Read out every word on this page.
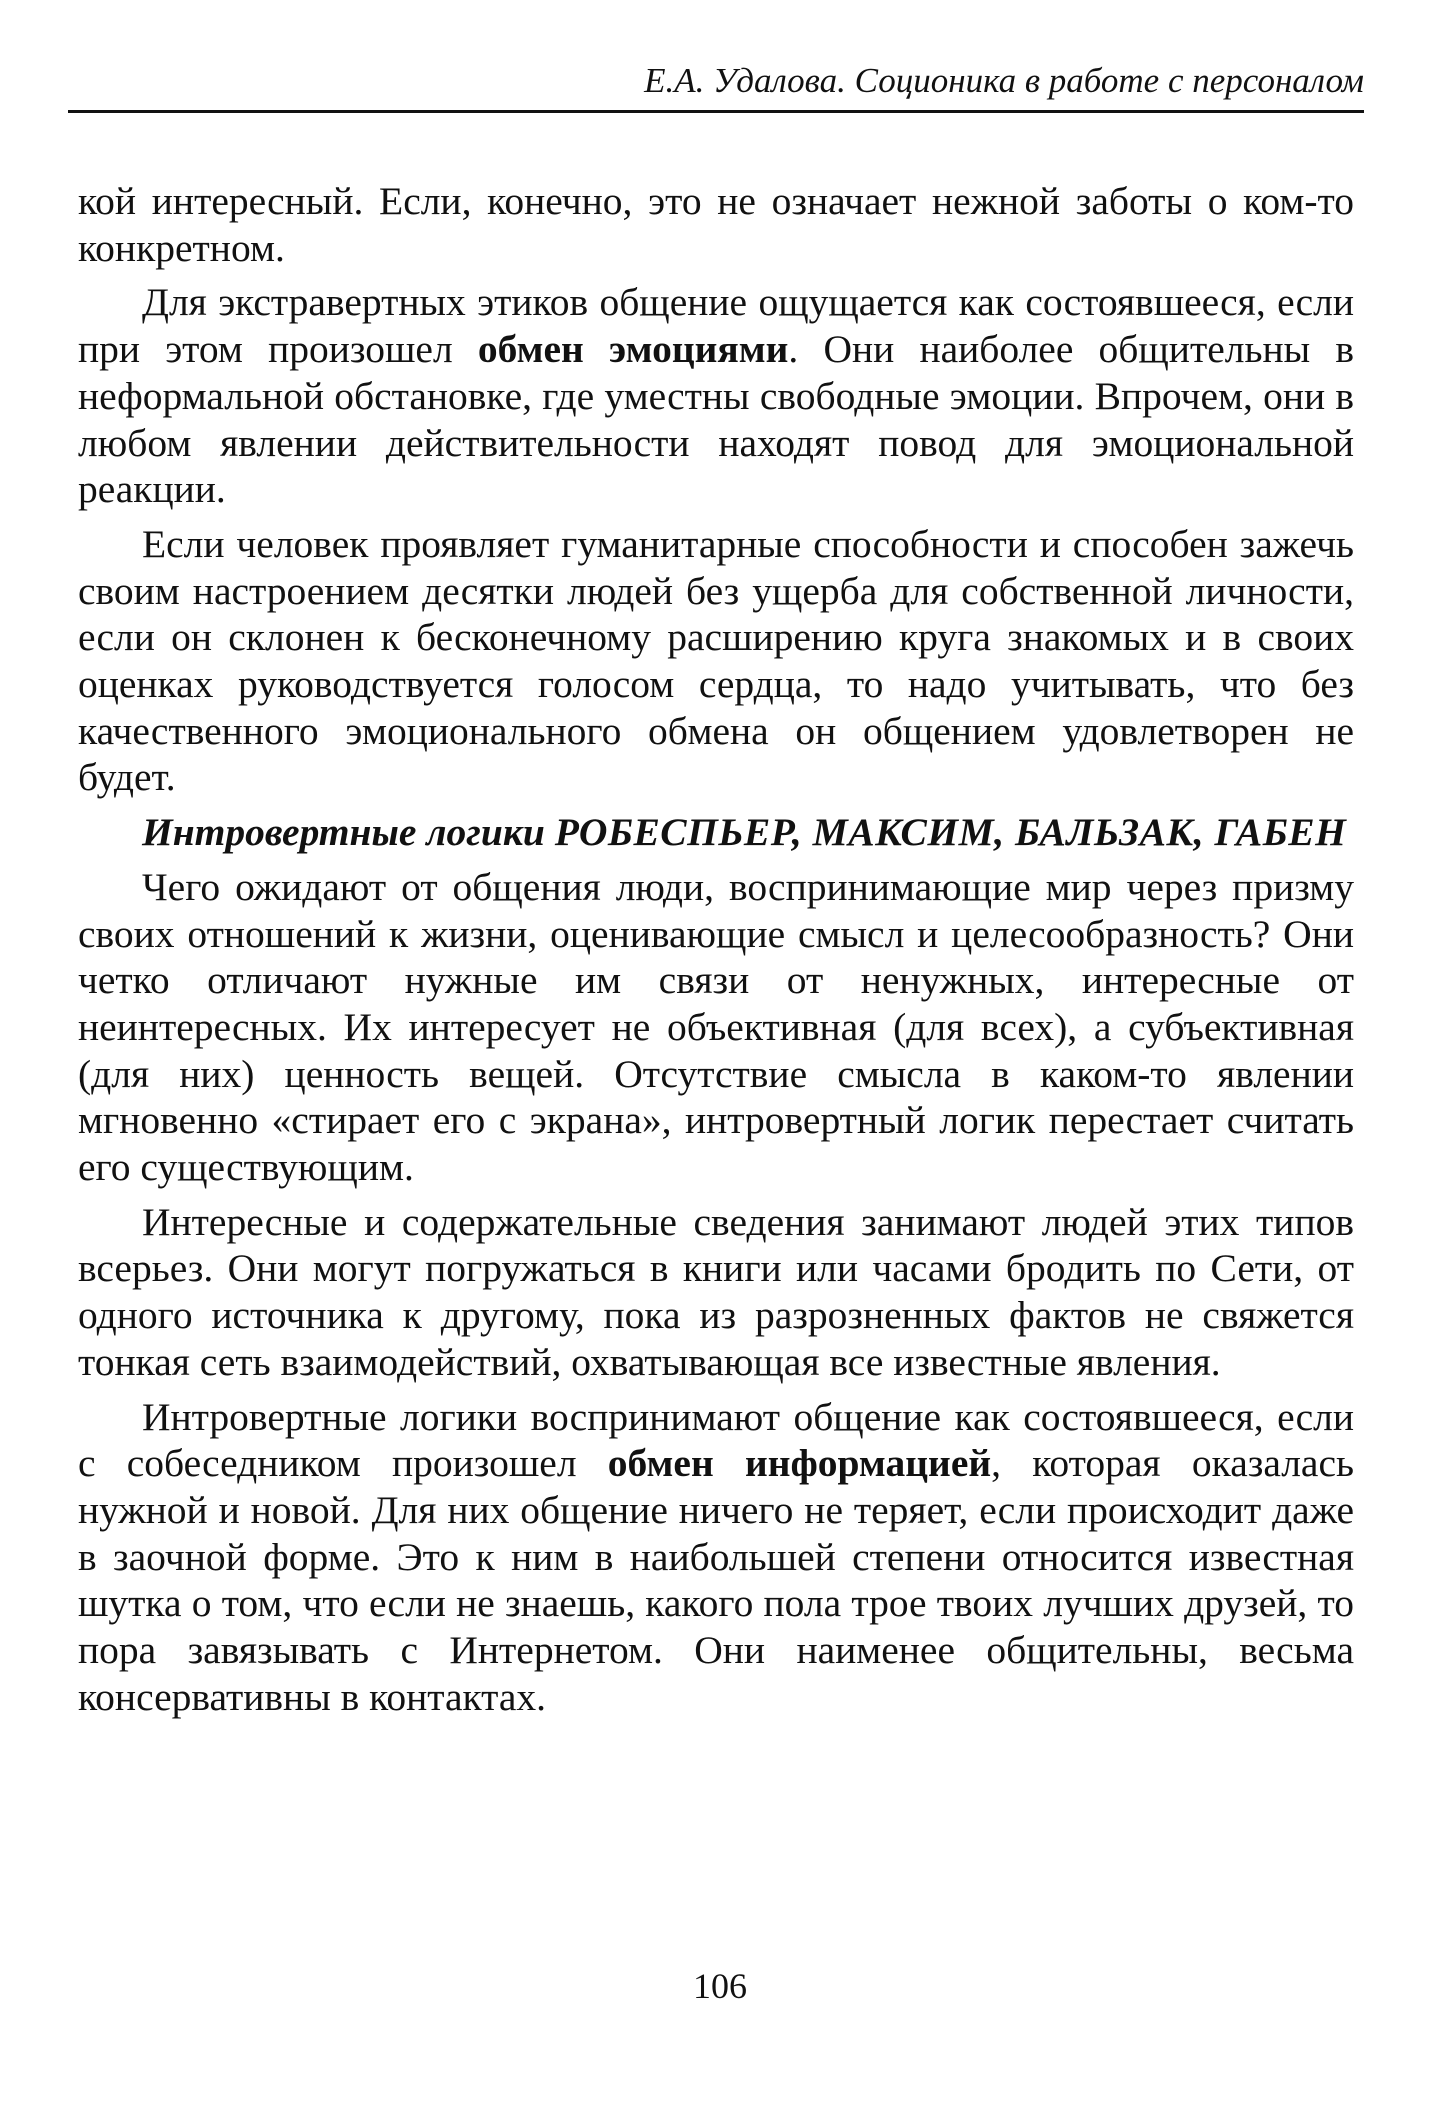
Е.А. Удалова. Соционика в работе с персоналом

кой интересный. Если, конечно, это не означает нежной заботы о ком-то конкретном.

Для экстравертных этиков общение ощущается как состоявшееся, если при этом произошел обмен эмоциями. Они наиболее общительны в неформальной обстановке, где уместны свободные эмоции. Впрочем, они в любом явлении действительности находят повод для эмоциональной реакции.

Если человек проявляет гуманитарные способности и способен зажечь своим настроением десятки людей без ущерба для собственной личности, если он склонен к бесконечному расширению круга знакомых и в своих оценках руководствуется голосом сердца, то надо учитывать, что без качественного эмоционального обмена он общением удовлетворен не будет.

Интровертные логики РОБЕСПЬЕР, МАКСИМ, БАЛЬЗАК, ГАБЕН

Чего ожидают от общения люди, воспринимающие мир через призму своих отношений к жизни, оценивающие смысл и целесообразность? Они четко отличают нужные им связи от ненужных, интересные от неинтересных. Их интересует не объективная (для всех), а субъективная (для них) ценность вещей. Отсутствие смысла в каком-то явлении мгновенно «стирает его с экрана», интровертный логик перестает считать его существующим.

Интересные и содержательные сведения занимают людей этих типов всерьез. Они могут погружаться в книги или часами бродить по Сети, от одного источника к другому, пока из разрозненных фактов не свяжется тонкая сеть взаимодействий, охватывающая все известные явления.

Интровертные логики воспринимают общение как состоявшееся, если с собеседником произошел обмен информацией, которая оказалась нужной и новой. Для них общение ничего не теряет, если происходит даже в заочной форме. Это к ним в наибольшей степени относится известная шутка о том, что если не знаешь, какого пола трое твоих лучших друзей, то пора завязывать с Интернетом. Они наименее общительны, весьма консервативны в контактах.

106
